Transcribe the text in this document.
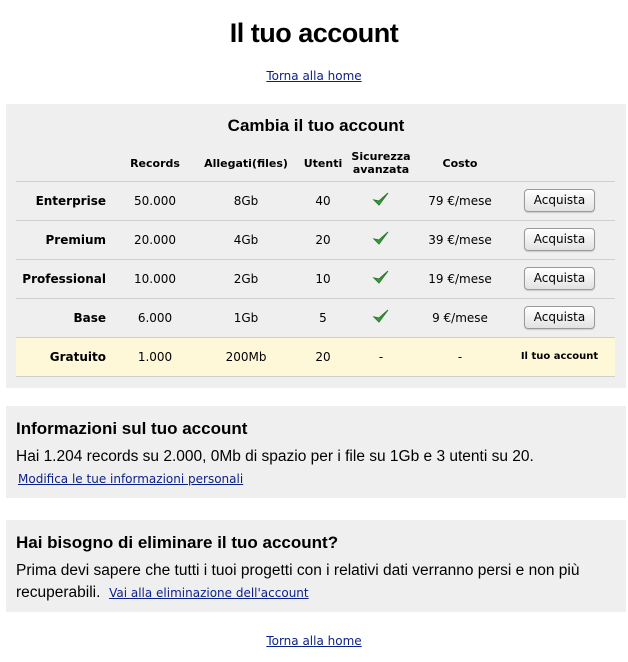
Il tuo account
Torna alla home
Cambia il tuo account
	Records	Allegati(files)	Utenti	Sicurezza avanzata	Costo	
Enterprise	50.000	8Gb	40		79 €/mese	Acquista
Premium	20.000	4Gb	20		39 €/mese	Acquista
Professional	10.000	2Gb	10		19 €/mese	Acquista
Base	6.000	1Gb	5		9 €/mese	Acquista
Gratuito	1.000	200Mb	20	-	-	Il tuo account
Informazioni sul tuo account
Hai 1.204 records su 2.000, 0Mb di spazio per i file su 1Gb e 3 utenti su 20.
Modifica le tue informazioni personali
Hai bisogno di eliminare il tuo account?
Prima devi sapere che tutti i tuoi progetti con i relativi dati verranno persi e non più recuperabili. Vai alla eliminazione dell'account
Torna alla home
